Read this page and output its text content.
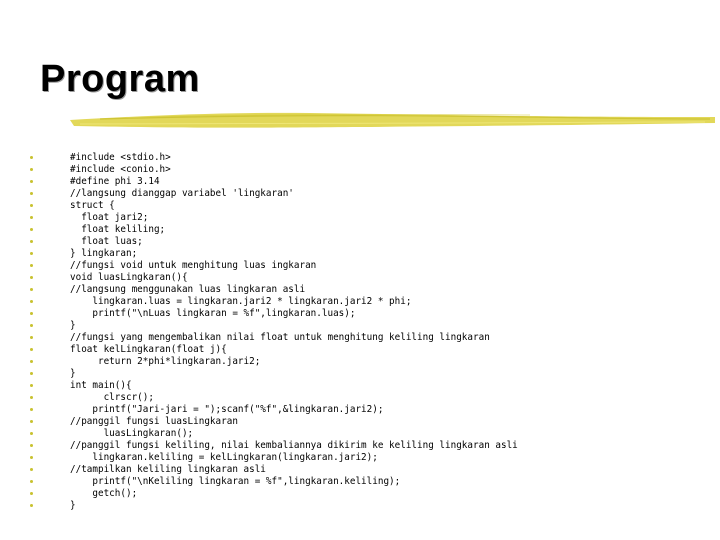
Program
#include <stdio.h>
#include <conio.h>
#define phi 3.14
//langsung dianggap variabel 'lingkaran'
struct {
float jari2;
float keliling;
float luas;
} lingkaran;
//fungsi void untuk menghitung luas ingkaran
void luasLingkaran(){
//langsung menggunakan luas lingkaran asli
lingkaran.luas = lingkaran.jari2 * lingkaran.jari2 * phi;
printf("\nLuas lingkaran = %f",lingkaran.luas);
}
//fungsi yang mengembalikan nilai float untuk menghitung keliling lingkaran
float kelLingkaran(float j){
return 2*phi*lingkaran.jari2;
}
int main(){
clrscr();
printf("Jari-jari = ");scanf("%f",&lingkaran.jari2);
//panggil fungsi luasLingkaran
luasLingkaran();
//panggil fungsi keliling, nilai kembaliannya dikirim ke keliling lingkaran asli
lingkaran.keliling = kelLingkaran(lingkaran.jari2);
//tampilkan keliling lingkaran asli
printf("\nKeliling lingkaran = %f",lingkaran.keliling);
getch();
}
